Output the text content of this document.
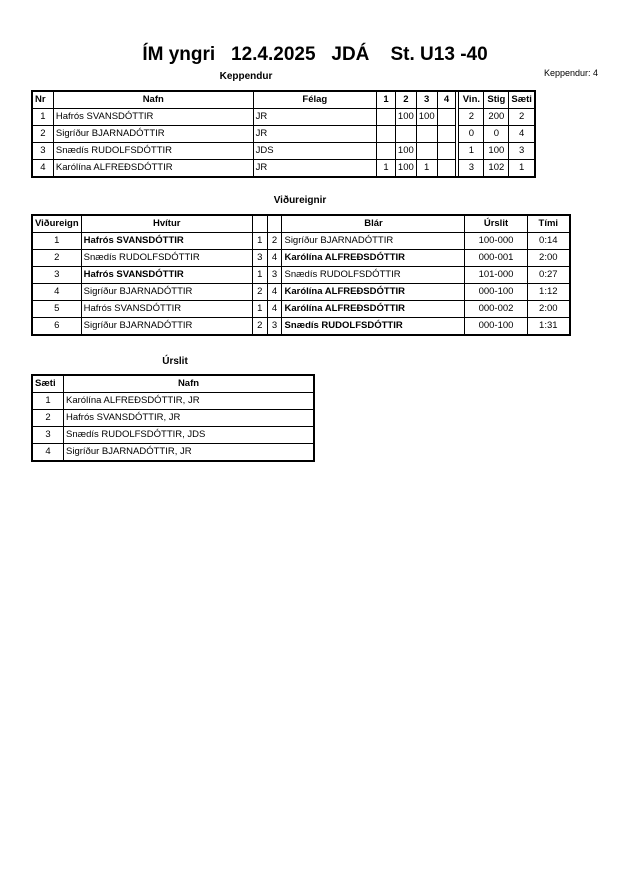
ÍM yngri   12.4.2025   JDÁ    St. U13 -40
Keppendur: 4
Keppendur
Nr	Nafn	Félag	1	2	3	4		Vin.	Stig	Sæti
1	Hafrós SVANSDÓTTIR	JR		100	100			2	200	2
2	Sigríður BJARNADÓTTIR	JR						0	0	4
3	Snædís RUDOLFSDÓTTIR	JDS		100				1	100	3
4	Karólína ALFREÐSDÓTTIR	JR	1	100	1			3	102	1
Viðureignir
Viðureign	Hvítur			Blár	Úrslit	Tími
1	Hafrós SVANSDÓTTIR	1	2	Sigríður BJARNADÓTTIR	100-000	0:14
2	Snædís RUDOLFSDÓTTIR	3	4	Karólína ALFREÐSDÓTTIR	000-001	2:00
3	Hafrós SVANSDÓTTIR	1	3	Snædís RUDOLFSDÓTTIR	101-000	0:27
4	Sigríður BJARNADÓTTIR	2	4	Karólína ALFREÐSDÓTTIR	000-100	1:12
5	Hafrós SVANSDÓTTIR	1	4	Karólína ALFREÐSDÓTTIR	000-002	2:00
6	Sigríður BJARNADÓTTIR	2	3	Snædís RUDOLFSDÓTTIR	000-100	1:31
Úrslit
Sæti	Nafn
1	Karólína ALFREÐSDÓTTIR, JR
2	Hafrós SVANSDÓTTIR, JR
3	Snædís RUDOLFSDÓTTIR, JDS
4	Sigríður BJARNADÓTTIR, JR
